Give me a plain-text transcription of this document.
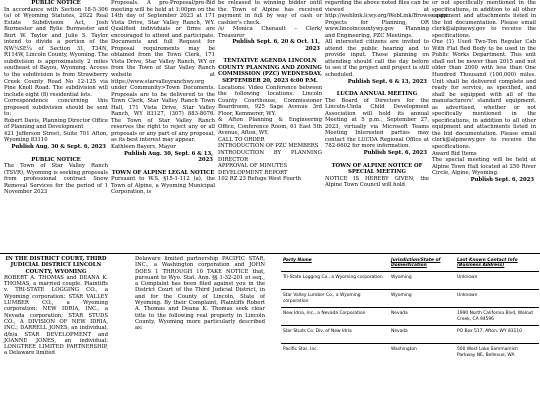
PUBLIC NOTICE

In accordance with Section 18-5-306 (a) of Wyoming Statutes, 2022 Real Estate Subdivision Act, Josh Burmester and Rylie Burmester and Burt W. Taylor and Julie S. Taylor intend to divide a portion of the NW¼SE¼ of Section 31, T34N, R114W, Lincoln County, Wyoming. The subdivision is approximately 2 miles southeast of Bayou, Wyoming. Access to the subdivision is from Strawberry Creek County Road No 12-125 via Pine Knoll Road. The subdivision will include eight (8) residential lots.

Correspondence concerning this proposed subdivision should be sent to:

Robert Davis, Planning Director Office of Planning and Development

421 Jefferson Street, Suite 701 Afton, Wyoming 83110

Publish Aug. 30 & Sept. 6, 2023

PUBLIC NOTICE

The Town of Star Valley Ranch (TSVR), Wyoming is seeking proposals from professional contract Snow Removal Services for the period of 1 November 2023

Proposals. A pre-Proposal/pre-Bid meeting will be held at 1:00pm on the 14th day of September 2023 at 171 Vista Drive, Star Valley Ranch, WY. Qualified individuals or firms are encouraged to attend and participate. Documents and full Request for Proposal requirements may be obtained from the Town Clerk, 171 Vista Drive, Star Valley Ranch, WY or from the Town of Star Valley Ranch website at https://www.starvalleyranchwy.org under Community>Town Documents. Proposals are to be delivered to the Town Clerk, Star Valley Ranch Town Hall, 171 Vista Drive, Star Valley Ranch, WY 83127, (307) 883-8076. The Town of Star Valley Ranch reserves the right to reject any or all proposals or any part of any proposal, as its best interest may appear.

Kathleen Bayers, Mayor

Publish Aug. 30, Sept. 6 & 13, 2023

TOWN OF ALPINE LEGAL NOTICE

Pursuant to W.S. §15-1-112 (a), the Town of Alpine, a Wyoming Municipal Corporation, is

be released to winning bidder until the Town of Alpine has received payment in full by way of cash or cashier's check.

/s/ Monica Chenault – Clerk/ Treasurer

Publish Sept. 6, 20 & Oct. 11, 2023

TENTATIVE AGENDA LINCOLN COUNTY PLANNING AND ZONING COMMISSION (PZC) WEDNESDAY, SEPTEMBER 20, 2023 6:00 P.M.

Locations: Video Conference between the following locations: Lincoln County Courthouse, Commissioner Boardroom, 925 Sage Avenue 3rd Floor, Kemmerer, WY.

& Afton Planning & Engineering Office, Conference Room, 61 East 5th Avenue, Afton, WY.

CALL TO ORDER

INTRODUCTION OF PZC MEMBERS

INTRODUCTION BY PLANNING DIRECTOR

APPROVAL OF MINUTES

DEVELOPMENT REPORT

102 RZ 23 Refuge West Fourth

regarding the above noted files can be viewed at http://weblink.lcwy.org/WebLink/Browse.aspx. Projects for Planning, OR www.lincolncountywy.gov Planning and Engineering, PZC Meetings.

All interested citizens are invited to attend the public hearing and to provide input. Those planning on attending should call the day before to see if the project and project is still scheduled.

Publish Sept. 6 & 13, 2023

LUCDA ANNUAL MEETING

The Board of Directors for the Lincoln-Uinta Child Development Association will hold its annual Meeting at 5 p.m., September 27, 2023, virtually via Microsoft Teams Meeting Interested parties may contact the LUCDA Regional Office at 782-6602 for more information.

Publish Sept. 6, 2023

TOWN OF ALPINE NOTICE OF SPECIAL MEETING

NOTICE IS HEREBY GIVEN, the Alpine Town Council will hold

or not specifically mentioned in the specifications, in addition to all other equipment and attachments listed in the bid documentation. Please email clerk@alpinewy.gov to receive the specifications.

One (1) Used Two-Ton Regular Cab With Flat Bed Body to be used in the Public Works Department. This unit shall not be newer than 2015 and not older than 2000 with less than One Hundred Thousand (100,000) miles. Unit shall be delivered complete and ready for service, as specified, and shall be equipped with all of the manufacturers' standard equipment, as advertised, whether or not specifically mentioned in the specifications, in addition to all other equipment and attachments listed in the bid documentation. Please email clerk@alpinewy.gov to receive the specifications.

Award Bid Items

The special meeting will be held at Alpine Town Hall located at 250 River Circle, Alpine, Wyoming.

Publish Sept. 6, 2023

IN THE DISTRICT COURT, THIRD JUDICIAL DISTRICT LINCOLN COUNTY, WYOMING

ROBERT A. THOMAS and DEANA K. THOMAS, a married couple. Plaintiffs v. TRI-STATE LOGGING CO., a Wyoming corporation; STAR VALLEY LUMBER CO., a Wyoming corporation; NEW IDRIA, INC., a Nevada corporation; STAR STUDS CO., A DIVISION OF NEW IDRIA, INC.; DARRELL JONES, an individual, d/b/a STAR DEVELOPMENT and JOANNE JONES, an individual; LONGTREE LIMITED PARTNERSHIP, a Delaware limited

Delaware limited partnership PACIFIC STAR, INC., a Washington corporation and JOHN DOES 1 THROUGH 10 TAKE NOTICE that, pursuant to Wyo. Stat. Ann. §§ 1-32-201 et seq., a Complaint has been filed against you in the District Court of the Third Judicial District, in and for the County of Lincoln, State of Wyoming. By their Complaint, Plaintiffs Robert A. Thomas and Deana K. Thomas seek clear title to the following real property in Lincoln County, Wyoming more particularly described as:

Party Name	Jurisdiction/State of Domestication	Last Known Contact Info (Business Address)
Tri-State Logging Co., a Wyoming corporation	Wyoming	Unknown
Star Valley Lumber Co., a Wyoming corporation	Wyoming	Unknown
New Idria, Inc., a Nevada Corporation	Nevada	1990 North California Blvd, Walnut Creek, CA 94596
Star Studs Co. Div. of New Idria	Nevada	PO Box 517, Afton, WY 83110
Pacific Star, Inc.	Washington	500 West Lake Sammamish Parkway NE, Bellevue, WA
